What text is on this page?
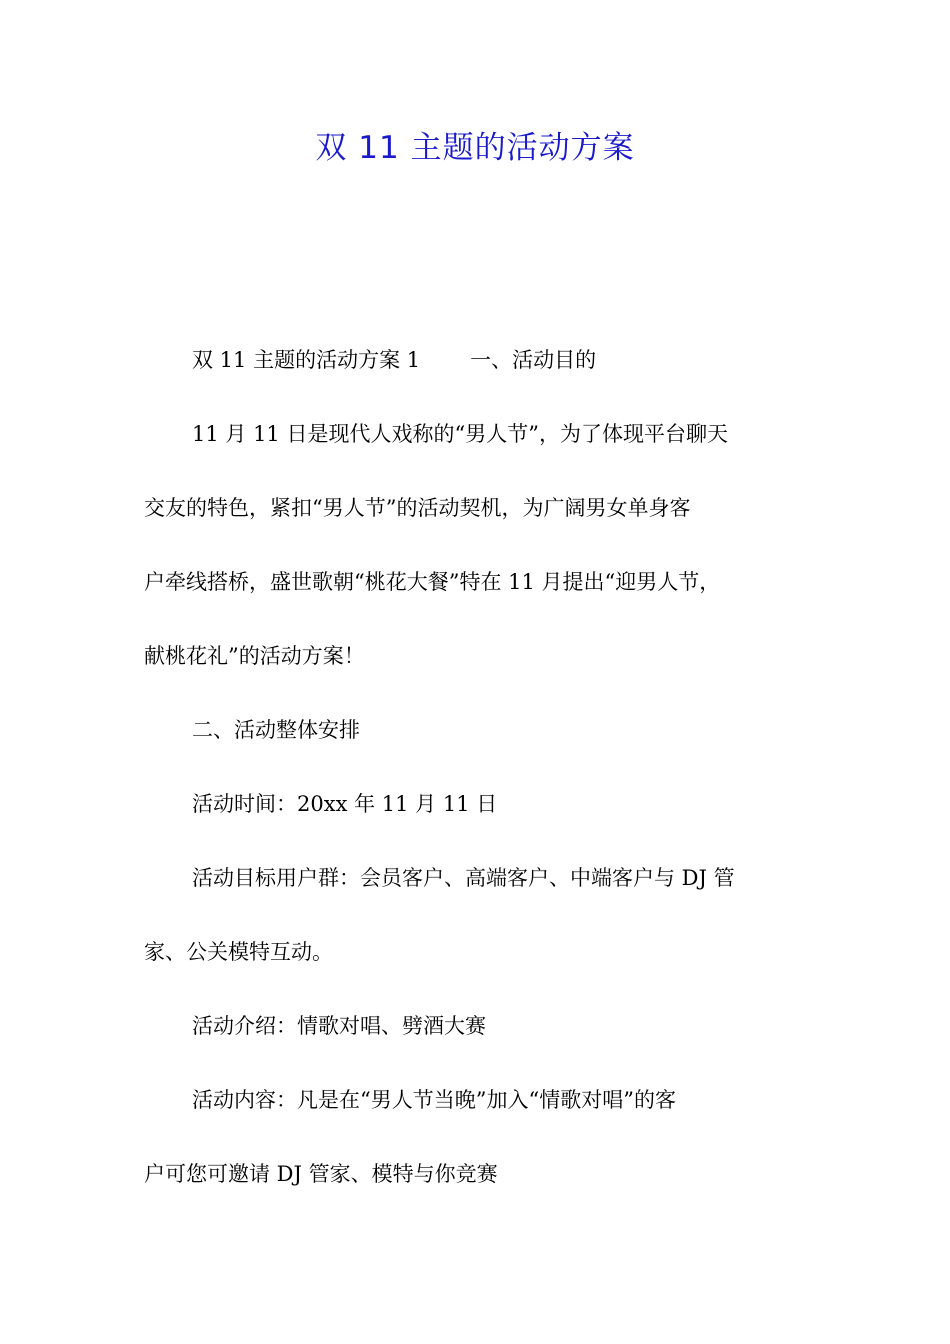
双 11 主题的活动方案
双 11 主题的活动方案 1 一、活动目的
11 月 11 日是现代人戏称的“男人节”，为了体现平台聊天
交友的特色，紧扣“男人节”的活动契机，为广阔男女单身客
户牵线搭桥，盛世歌朝“桃花大餐”特在 11 月提出“迎男人节，
献桃花礼”的活动方案！
二、活动整体安排
活动时间：20xx 年 11 月 11 日
活动目标用户群：会员客户、高端客户、中端客户与 DJ 管
家、公关模特互动。
活动介绍：情歌对唱、劈酒大赛
活动内容：凡是在“男人节当晚”加入“情歌对唱”的客
户可您可邀请 DJ 管家、模特与你竞赛
